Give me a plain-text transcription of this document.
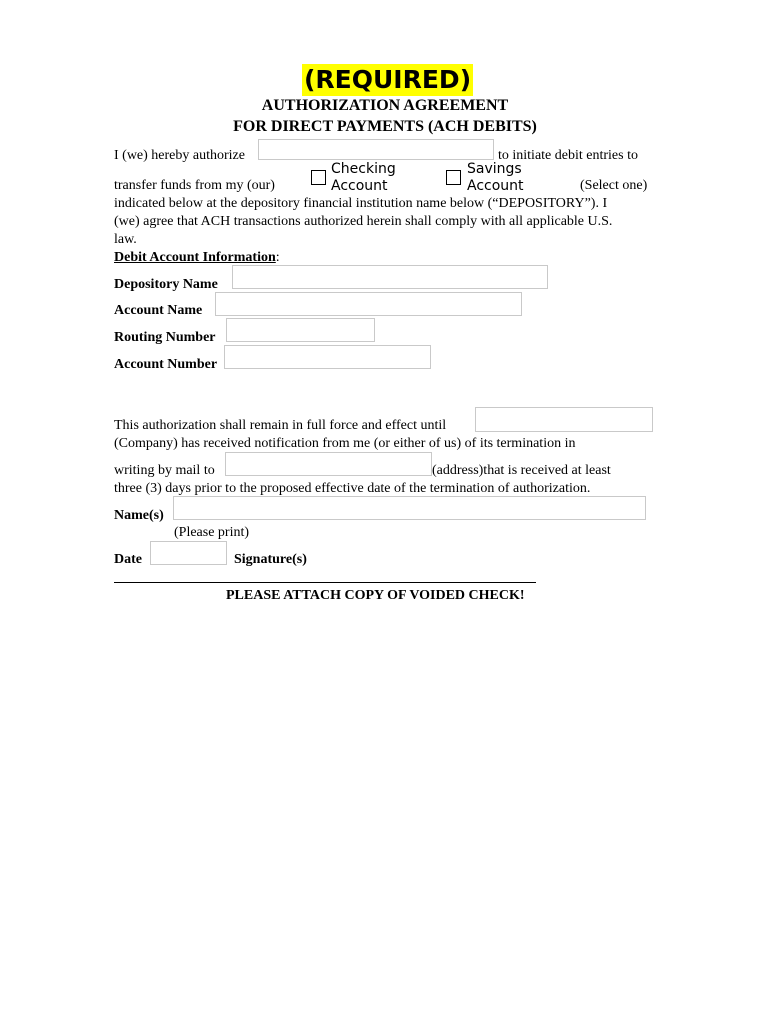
(REQUIRED)
AUTHORIZATION AGREEMENT
FOR DIRECT PAYMENTS (ACH DEBITS)
I (we) hereby authorize	to initiate debit entries to
transfer funds from my (our)
Checking
Account
Savings
Account	(Select one)
indicated below at the depository financial institution name below (“DEPOSITORY”). I
(we) agree that ACH transactions authorized herein shall comply with all applicable U.S.
law.
Debit Account Information:
Depository Name
Account Name
Routing Number
Account Number
This authorization shall remain in full force and effect until
(Company) has received notification from me (or either of us) of its termination in
writing by mail to	(address)that is received at least
three (3) days prior to the proposed effective date of the termination of authorization.
Name(s)
(Please print)
Date	Signature(s)
PLEASE ATTACH COPY OF VOIDED CHECK!
